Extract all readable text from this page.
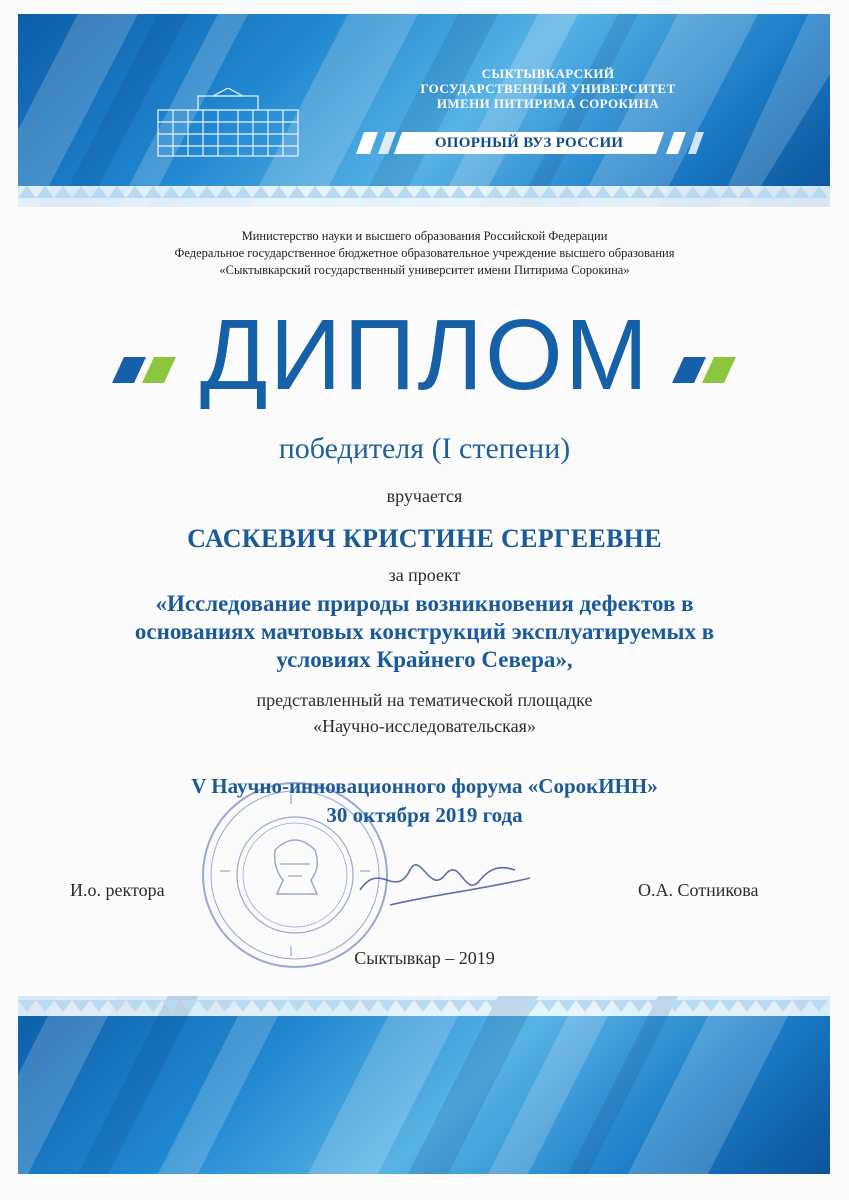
СЫКТЫВКАРСКИЙ
ГОСУДАРСТВЕННЫЙ УНИВЕРСИТЕТ
ИМЕНИ ПИТИРИМА СОРОКИНА
ОПОРНЫЙ ВУЗ РОССИИ
Министерство науки и высшего образования Российской Федерации
Федеральное государственное бюджетное образовательное учреждение высшего образования
«Сыктывкарский государственный университет имени Питирима Сорокина»
ДИПЛОМ
победителя (I степени)
вручается
САСКЕВИЧ КРИСТИНЕ СЕРГЕЕВНЕ
за проект
«Исследование природы возникновения дефектов в
основаниях мачтовых конструкций эксплуатируемых в
условиях Крайнего Севера»,
представленный на тематической площадке
«Научно-исследовательская»
V Научно-инновационного форума «СорокИНН»
30 октября 2019 года
И.о. ректора	О.А. Сотникова
Сыктывкар – 2019
